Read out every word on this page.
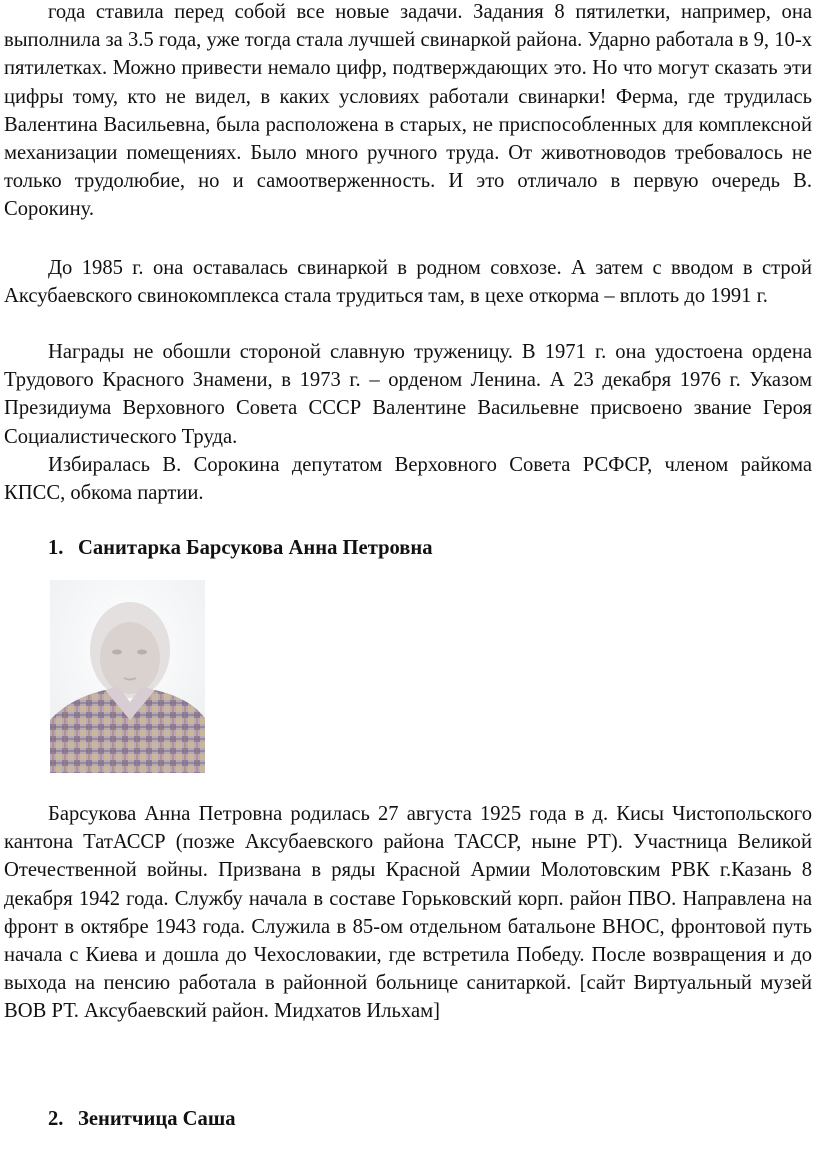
года ставила перед собой все новые задачи. Задания 8 пятилетки, например, она выполнила за 3.5 года, уже тогда стала лучшей свинаркой района. Ударно работала в 9, 10-х пятилетках. Можно привести немало цифр, подтверждающих это. Но что могут сказать эти цифры тому, кто не видел, в каких условиях работали свинарки! Ферма, где трудилась Валентина Васильевна, была расположена в старых, не приспособленных для комплексной механизации помещениях. Было много ручного труда. От животноводов требовалось не только трудолюбие, но и самоотверженность. И это отличало в первую очередь В. Сорокину.

До 1985 г. она оставалась свинаркой в родном совхозе. А затем с вводом в строй Аксубаевского свинокомплекса стала трудиться там, в цехе откорма – вплоть до 1991 г.

Награды не обошли стороной славную труженицу. В 1971 г. она удостоена ордена Трудового Красного Знамени, в 1973 г. – орденом Ленина. А 23 декабря 1976 г. Указом Президиума Верховного Совета СССР Валентине Васильевне присвоено звание Героя Социалистического Труда.

Избиралась В. Сорокина депутатом Верховного Совета РСФСР, членом райкома КПСС, обкома партии.

1. Санитарка Барсукова Анна Петровна

Барсукова Анна Петровна родилась 27 августа 1925 года в д. Кисы Чистопольского кантона ТатАССР (позже Аксубаевского района ТАССР, ныне РТ). Участница Великой Отечественной войны. Призвана в ряды Красной Армии Молотовским РВК г.Казань 8 декабря 1942 года. Службу начала в составе Горьковский корп. район ПВО. Направлена на фронт в октябре 1943 года. Служила в 85-ом отдельном батальоне ВНОС, фронтовой путь начала с Киева и дошла до Чехословакии, где встретила Победу. После возвращения и до выхода на пенсию работала в районной больнице санитаркой. [сайт Виртуальный музей ВОВ РТ. Аксубаевский район. Мидхатов Ильхам]

2. Зенитчица Саша
